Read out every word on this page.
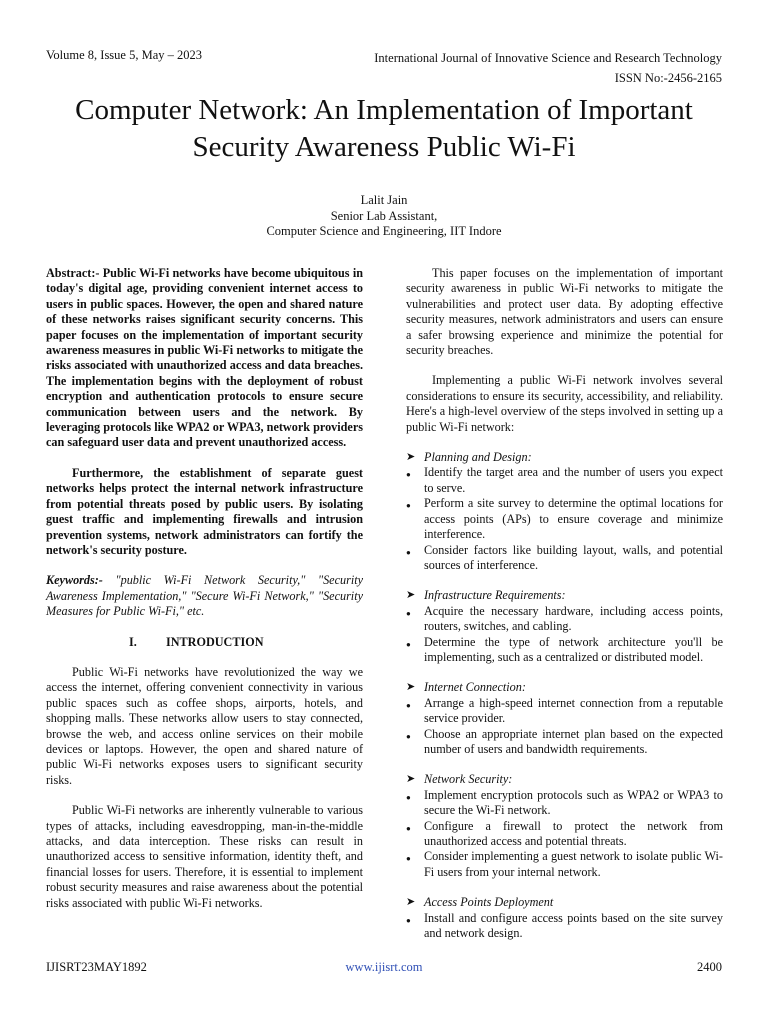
Volume 8, Issue 5, May – 2023	International Journal of Innovative Science and Research Technology
ISSN No:-2456-2165
Computer Network: An Implementation of Important
Security Awareness Public Wi-Fi
Lalit Jain
Senior Lab Assistant,
Computer Science and Engineering, IIT Indore

Abstract:- Public Wi-Fi networks have become ubiquitous in today's digital age, providing convenient internet access to users in public spaces. However, the open and shared nature of these networks raises significant security concerns. This paper focuses on the implementation of important security awareness measures in public Wi-Fi networks to mitigate the risks associated with unauthorized access and data breaches. The implementation begins with the deployment of robust encryption and authentication protocols to ensure secure communication between users and the network. By leveraging protocols like WPA2 or WPA3, network providers can safeguard user data and prevent unauthorized access.

Furthermore, the establishment of separate guest networks helps protect the internal network infrastructure from potential threats posed by public users. By isolating guest traffic and implementing firewalls and intrusion prevention systems, network administrators can fortify the network's security posture.

Keywords:- "public Wi-Fi Network Security," "Security Awareness Implementation," "Secure Wi-Fi Network," "Security Measures for Public Wi-Fi," etc.

I.	INTRODUCTION

Public Wi-Fi networks have revolutionized the way we access the internet, offering convenient connectivity in various public spaces such as coffee shops, airports, hotels, and shopping malls. These networks allow users to stay connected, browse the web, and access online services on their mobile devices or laptops. However, the open and shared nature of public Wi-Fi networks exposes users to significant security risks.

Public Wi-Fi networks are inherently vulnerable to various types of attacks, including eavesdropping, man-in-the-middle attacks, and data interception. These risks can result in unauthorized access to sensitive information, identity theft, and financial losses for users. Therefore, it is essential to implement robust security measures and raise awareness about the potential risks associated with public Wi-Fi networks.

This paper focuses on the implementation of important security awareness in public Wi-Fi networks to mitigate the vulnerabilities and protect user data. By adopting effective security measures, network administrators and users can ensure a safer browsing experience and minimize the potential for security breaches.

Implementing a public Wi-Fi network involves several considerations to ensure its security, accessibility, and reliability. Here's a high-level overview of the steps involved in setting up a public Wi-Fi network:

➤ Planning and Design:
●	Identify the target area and the number of users you expect to serve.
●	Perform a site survey to determine the optimal locations for access points (APs) to ensure coverage and minimize interference.
●	Consider factors like building layout, walls, and potential sources of interference.
➤ Infrastructure Requirements:
●	Acquire the necessary hardware, including access points, routers, switches, and cabling.
●	Determine the type of network architecture you'll be implementing, such as a centralized or distributed model.
➤ Internet Connection:
●	Arrange a high-speed internet connection from a reputable service provider.
●	Choose an appropriate internet plan based on the expected number of users and bandwidth requirements.
➤ Network Security:
●	Implement encryption protocols such as WPA2 or WPA3 to secure the Wi-Fi network.
●	Configure a firewall to protect the network from unauthorized access and potential threats.
●	Consider implementing a guest network to isolate public Wi-Fi users from your internal network.
➤ Access Points Deployment
●	Install and configure access points based on the site survey and network design.
IJISRT23MAY1892	www.ijisrt.com	2400
